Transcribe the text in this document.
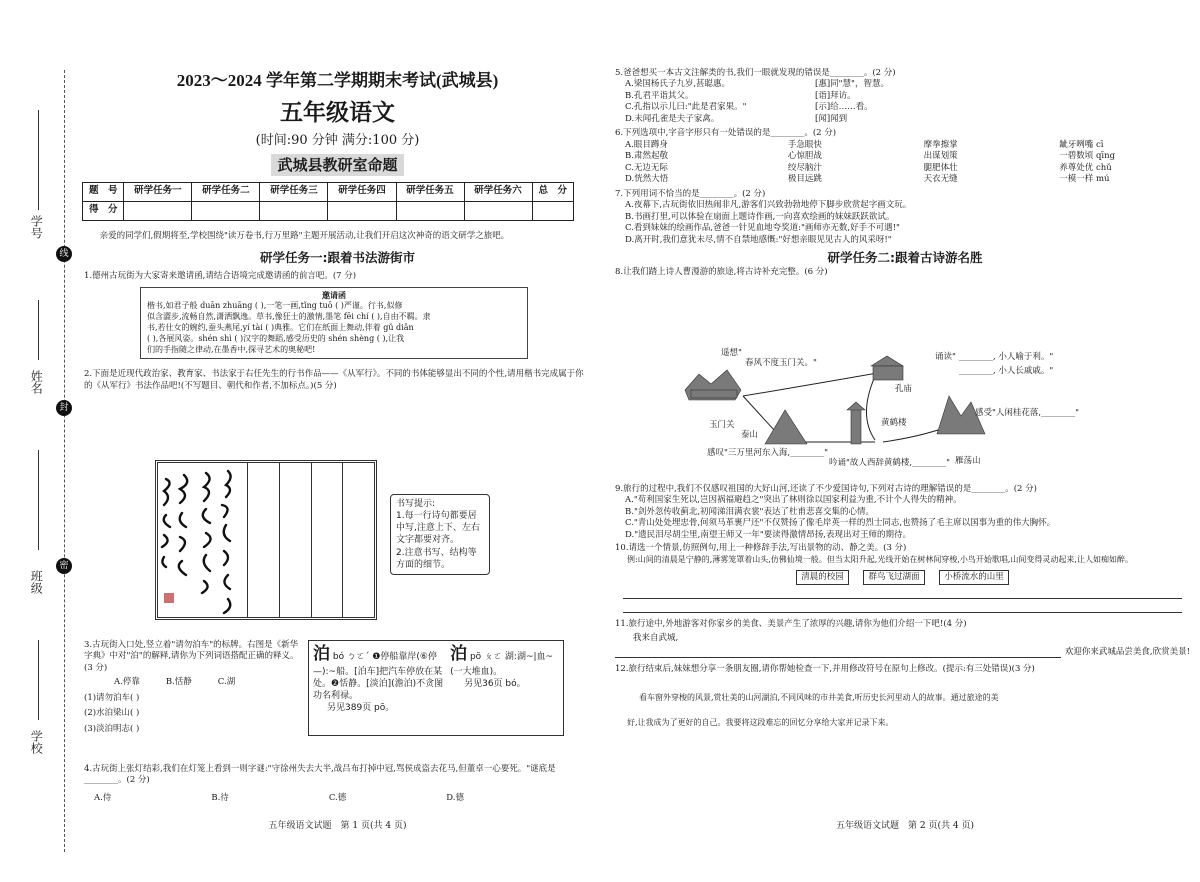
学号
线
姓名
封
班级
密
学校
2023～2024 学年第二学期期末考试(武城县)
五年级语文
(时间:90 分钟 满分:100 分)
武城县教研室命题
题　号	研学任务一	研学任务二	研学任务三	研学任务四	研学任务五	研学任务六	总　分
得　分							
亲爱的同学们,假期将至,学校围绕"读万卷书,行万里路"主题开展活动,让我们开启这次神奇的语文研学之旅吧。
研学任务一:跟着书法游街市
1.德州古玩街为大家寄来邀请函,请结合语境完成邀请函的前言吧。(7 分)
邀请函
楷书,如君子般 duān zhuāng ( ),一笔一画,tǐng tuō ( )严谨。行书,似修
似含澀步,流畅自然,潇洒飘逸。草书,像狂士的激情,墨笔 fēi chí ( ),自由不羁。隶
书,若仕女的婉约,蚕头燕尾,yí tài ( )典雅。它们在纸面上舞动,伴着 gǔ diǎn
( ),各展风姿。shén shì ( )汉字的舞蹈,感受历史的 shén shèng ( ),让我
们的手指随之律动,在墨香中,探寻艺术的奥秘吧!
2.下面是近现代政治家、教育家、书法家于右任先生的行书作品——《从军行》。不同的书体能够显出不同的个性,请用楷书完成属于你的《从军行》书法作品吧!(不写题目、朝代和作者,不加标点。)(5 分)
书写提示:
1.每一行诗句都要居中写,注意上下、左右文字都要对齐。
2.注意书写、结构等方面的细节。
3.古玩街入口处,竖立着"请勿泊车"的标牌。右图是《新华字典》中对"泊"的解释,请你为下列词语搭配正确的释义。(3 分)
A.停靠	B.恬静	C.湖
(1)请勿泊车( )
(2)水泊梁山( )
(3)淡泊明志( )
泊 bó ㄅㄛˊ ❶停船靠岸(⑥停—):~船。[泊车]把汽车停放在某处。❷恬静。[淡泊](澹泊)不贪图功名利禄。
另见389页 pō。
泊 pō ㄆㄛ 湖:湖~|血~(一大堆血)。
另见36页 bó。
4.古玩街上张灯结彩,我们在灯笼上看到一则字谜:"守徐州失去大半,战吕布打掉中冠,骂侯成盗去花马,但董卓一心要死。"谜底是________。(2 分)
A.侍	B.待	C.德	D.德
五年级语文试题　第 1 页(共 4 页)
5.爸爸想买一本古文注解类的书,我们一眼就发现的错误是________。(2 分)
A.梁国杨氏子九岁,甚聪惠。	[惠]同"慧"，智慧。
B.孔君平诣其父。	[诣]拜访。
C.孔指以示儿曰:"此是君家果。"	[示]给……看。
D.未闻孔雀是夫子家禽。	[闻]闻到
6.下列选项中,字音字形只有一处错误的是________。(2 分)
A.眼目蹲身	手急眼快	摩拳擦掌	龇牙咧嘴 cī
B.肃然起敬	心惊胆战	出谋划策	一碧数顷 qīng
C.无边无际	绞尽脑汁	腿肥体壮	养尊处优 chǔ
D.恍然大悟	极目远跳	天衣无缝	一模一样 mú
7.下列用词不恰当的是________。(2 分)
A.夜幕下,古玩街依旧热闹非凡,游客们兴致勃勃地停下脚步欣赏起字画文玩。
B.书画打里,可以体验在扇面上题诗作画,一向喜欢绘画的妹妹跃跃欲试。
C.看到妹妹的绘画作品,爸爸一针见血地夸奖道:"画师亦无数,好手不可遇!"
D.离开时,我们意犹未尽,情不自禁地感慨:"好想亲眼见见古人的风采呀!"
研学任务二:跟着古诗游名胜
8.让我们踏上诗人曹漫游的旅途,将古诗补充完整。(6 分)
遥想"
春风不度玉门关。"
玉门关
孔庙
诵读" ________, 小人喻于利。"
________, 小人长戚戚。"
泰山
感叹"三万里河东入海,________"
黄鹤楼
吟诵"故人西辞黄鹤楼,________"
感受"人闲桂花落,________"
雁荡山
9.旅行的过程中,我们不仅感叹祖国的大好山河,还读了不少爱国诗句,下列对古诗的理解错误的是________。(2 分)
A."苟利国家生死以,岂因祸福避趋之"突出了林则徐以国家利益为重,不计个人得失的精神。
B."剑外忽传收蓟北,初闻涕泪满衣裳"表达了杜甫悲喜交集的心情。
C."青山处处埋忠骨,何须马革裹尸还"不仅赞扬了像毛岸英一样的烈士同志,也赞扬了毛主席以国事为重的伟大胸怀。
D."遗民泪尽胡尘里,南望王师又一年"要读得激情昂扬,表现出对王师的期待。
10.请选一个情景,仿照例句,用上一种修辞手法,写出景物的动、静之美。(3 分)
例:山间的清晨是宁静的,薄雾笼罩着山头,仿佛仙境一般。但当太阳升起,光线开始在树林间穿梭,小鸟开始歌唱,山间变得灵动起来,让人如痴如醉。
清晨的校园	群鸟飞过湖面	小桥流水的山里
11.旅行途中,外地游客对你家乡的美食、美景产生了浓厚的兴趣,请你为他们介绍一下吧!(4 分)
我来自武城,
欢迎你来武城品尝美食,欣赏美景!
12.旅行结束后,妹妹想分享一条朋友圈,请你帮她检查一下,并用修改符号在原句上修改。(提示:有三处错误)(3 分)
看车窗外穿梭的风景,赏壮美的山河湖泊,不同风味的市井美食,听历史长河里动人的故事。通过旅途的美
好,让我成为了更好的自己。我要将这段难忘的回忆分享给大家并记录下来。
五年级语文试题　第 2 页(共 4 页)
